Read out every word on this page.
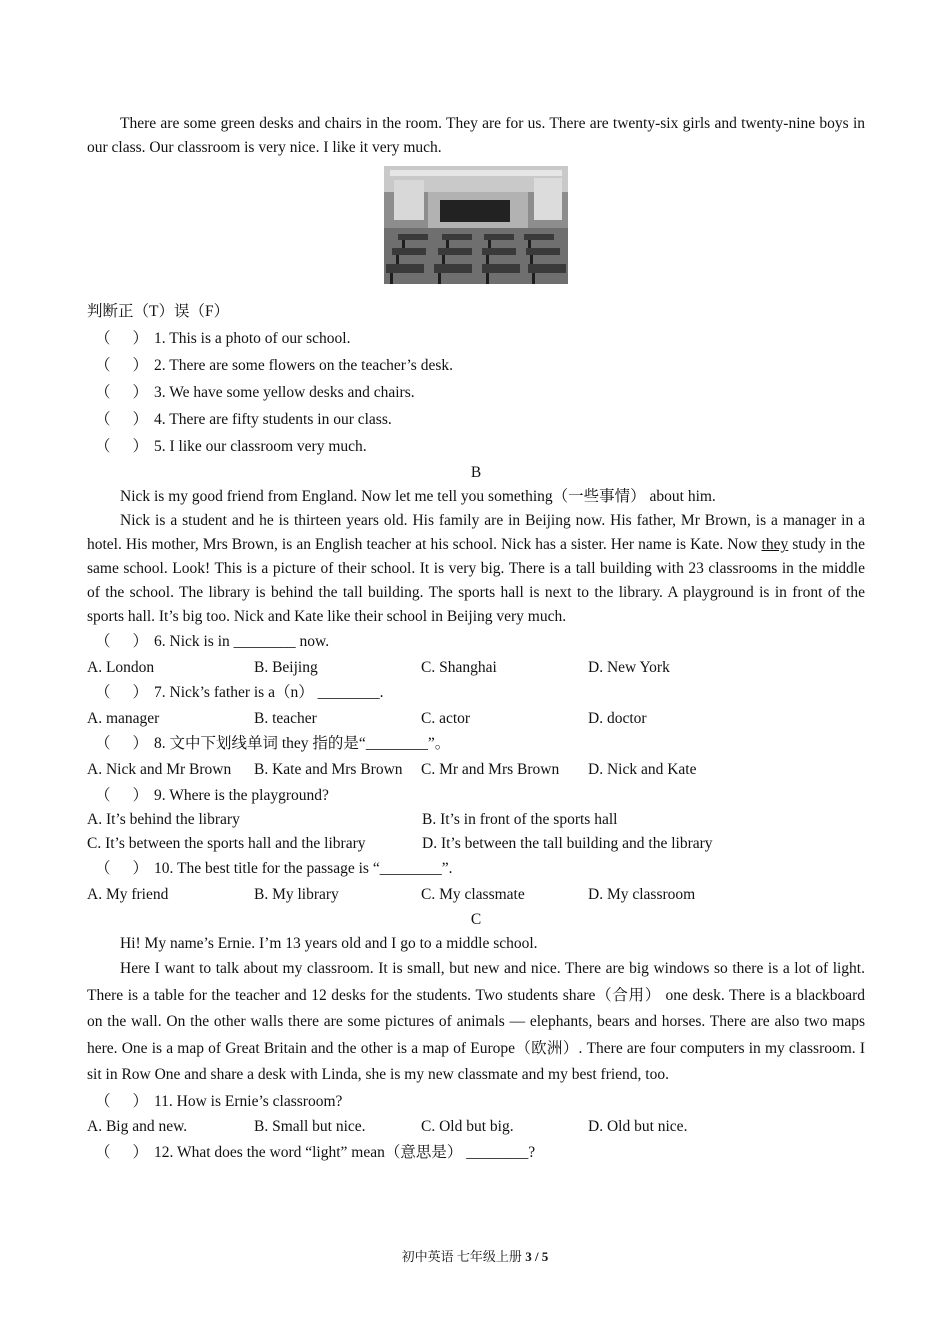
There are some green desks and chairs in the room. They are for us. There are twenty-six girls and twenty-nine boys in our class. Our classroom is very nice. I like it very much.

判断正（T）误（F）
（ ） 1. This is a photo of our school.
（ ） 2. There are some flowers on the teacher’s desk.
（ ） 3. We have some yellow desks and chairs.
（ ） 4. There are fifty students in our class.
（ ） 5. I like our classroom very much.
B

Nick is my good friend from England. Now let me tell you something（一些事情） about him.

Nick is a student and he is thirteen years old. His family are in Beijing now. His father, Mr Brown, is a manager in a hotel. His mother, Mrs Brown, is an English teacher at his school. Nick has a sister. Her name is Kate. Now they study in the same school. Look! This is a picture of their school. It is very big. There is a tall building with 23 classrooms in the middle of the school. The library is behind the tall building. The sports hall is next to the library. A playground is in front of the sports hall. It’s big too. Nick and Kate like their school in Beijing very much.

（ ） 6. Nick is in ________ now.
A. London	B. Beijing	C. Shanghai	D. New York
（ ） 7. Nick’s father is a（n） ________.
A. manager	B. teacher	C. actor	D. doctor
（ ） 8. 文中下划线单词 they 指的是“________”。
A. Nick and Mr Brown	B. Kate and Mrs Brown	C. Mr and Mrs Brown	D. Nick and Kate
（ ） 9. Where is the playground?
A. It’s behind the library	B. It’s in front of the sports hall
C. It’s between the sports hall and the library	D. It’s between the tall building and the library
（ ） 10. The best title for the passage is “________”.
A. My friend	B. My library	C. My classmate	D. My classroom
C

Hi! My name’s Ernie. I’m 13 years old and I go to a middle school.

Here I want to talk about my classroom. It is small, but new and nice. There are big windows so there is a lot of light. There is a table for the teacher and 12 desks for the students. Two students share（合用） one desk. There is a blackboard on the wall. On the other walls there are some pictures of animals — elephants, bears and horses. There are also two maps here. One is a map of Great Britain and the other is a map of Europe（欧洲）. There are four computers in my classroom. I sit in Row One and share a desk with Linda, she is my new classmate and my best friend, too.

（ ） 11. How is Ernie’s classroom?
A. Big and new.	B. Small but nice.	C. Old but big.	D. Old but nice.
（ ） 12. What does the word “light” mean（意思是） ________?
初中英语 七年级上册 3 / 5
